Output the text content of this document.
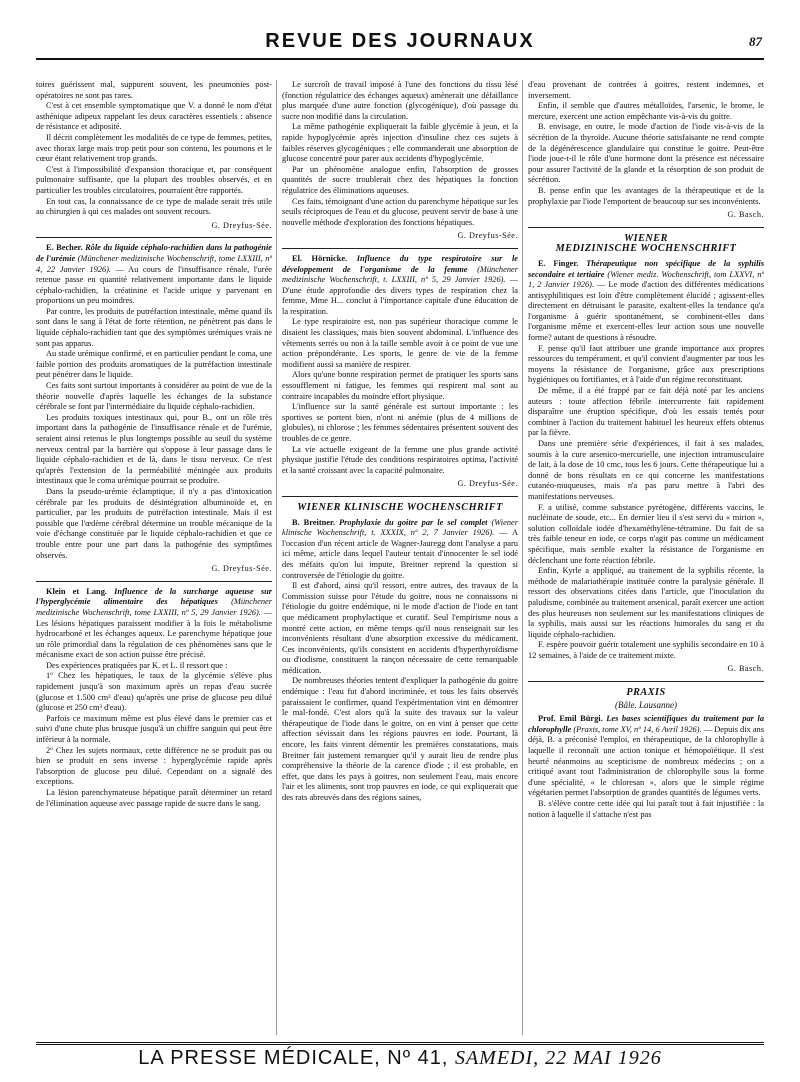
REVUE DES JOURNAUX	87

toires guérissent mal, suppurent souvent, les pneumonies post-opératoires ne sont pas rares.

C'est à cet ensemble symptomatique que V. a donné le nom d'état asthénique adipeux rappelant les deux caractères essentiels : absence de résistance et adiposité.

Il décrit complètement les modalités de ce type de femmes, petites, avec thorax large mais trop petit pour son contenu, les poumons et le cœur étant relativement trop grands.

C'est à l'impossibilité d'expansion thoracique et, par conséquent pulmonaire suffisante, que la plupart des troubles observés, et en particulier les troubles circulatoires, pourraient être rapportés.

En tout cas, la connaissance de ce type de malade serait très utile au chirurgien à qui ces malades ont souvent recours.

G. Dreyfus-Sée.

E. Becher. Rôle du liquide céphalo-rachidien dans la pathogénie de l'urémie (Münchener medizinische Wochenschrift, tome LXXIII, nº 4, 22 Janvier 1926). — Au cours de l'insuffisance rénale, l'urée retenue passe en quantité relativement importante dans le liquide céphalo-rachidien, la créatinine et l'acide urique y parvenant en proportions un peu moindres.

Par contre, les produits de putréfaction intestinale, même quand ils sont dans le sang à l'état de forte rétention, ne pénètrent pas dans le liquide céphalo-rachidien tant que des symptômes urémiques vrais ne sont pas apparus.

Au stade urémique confirmé, et en particulier pendant le coma, une faible portion des produits aromatiques de la putréfaction intestinale peut pénétrer dans le liquide.

Ces faits sont surtout importants à considérer au point de vue de la théorie nouvelle d'après laquelle les échanges de la substance cérébrale se font par l'intermédiaire du liquide céphalo-rachidien.

Les produits toxiques intestinaux qui, pour B., ont un rôle très important dans la pathogénie de l'insuffisance rénale et de l'urémie, seraient ainsi retenus le plus longtemps possible au seuil du système nerveux central par la barrière qui s'oppose à leur passage dans le liquide céphalo-rachidien et de là, dans le tissu nerveux. Ce n'est qu'après l'extension de la perméabilité méningée aux produits intestinaux que le coma urémique pourrait se produire.

Dans la pseudo-urémie éclamptique, il n'y a pas d'intoxication cérébrale par les produits de désintégration albuminoïde et, en particulier, par les produits de putréfaction intestinale. Mais il est possible que l'œdème cérébral détermine un trouble mécanique de la voie d'échange constituée par le liquide céphalo-rachidien et que ce trouble entre pour une part dans la pathogénie des symptômes observés.

G. Dreyfus-Sée.

Klein et Lang. Influence de la surcharge aqueuse sur l'hyperglycémie alimentaire des hépatiques (Münchener medizinische Wochenschrift, tome LXXIII, nº 5, 29 Janvier 1926). — Les lésions hépatiques paraissent modifier à la fois le métabolisme hydrocarboné et les échanges aqueux. Le parenchyme hépatique joue un rôle primordial dans la régulation de ces phénomènes sans que le mécanisme exact de son action puisse être précisé.

Des expériences pratiquées par K. et L. il ressort que :

1º Chez les hépatiques, le taux de la glycémie s'élève plus rapidement jusqu'à son maximum après un repas d'eau sucrée (glucose et 1.500 cm³ d'eau) qu'après une prise de glucose peu dilué (glucose et 250 cm³ d'eau).

Parfois ce maximum même est plus élevé dans le premier cas et suivi d'une chute plus brusque jusqu'à un chiffre sanguin qui peut être inférieur à la normale.

2º Chez les sujets normaux, cette différence ne se produit pas ou bien se produit en sens inverse : hyperglycémie rapide après l'absorption de glucose peu dilué. Cependant on a signalé des exceptions.

La lésion parenchymateuse hépatique paraît déterminer un retard de l'élimination aqueuse avec passage rapide de sucre dans le sang.

Le surcroît de travail imposé à l'une des fonctions du tissu lésé (fonction régulatrice des échanges aqueux) amènerait une défaillance plus marquée d'une autre fonction (glycogénique), d'où passage du sucre non modifié dans la circulation.

La même pathogénie expliquerait la faible glycémie à jeun, et la rapide hypoglycémie après injection d'insuline chez ces sujets à faibles réserves glycogéniques ; elle commanderait une absorption de glucose concentré pour parer aux accidents d'hypoglycémie.

Par un phénomène analogue enfin, l'absorption de grosses quantités de sucre troublerait chez des hépatiques la fonction régulatrice des éliminations aqueuses.

Ces faits, témoignant d'une action du parenchyme hépatique sur les seuils réciproques de l'eau et du glucose, peuvent servir de base à une nouvelle méthode d'exploration des fonctions hépatiques.

G. Dreyfus-Sée.

El. Hörnicke. Influence du type respiratoire sur le développement de l'organisme de la femme (Münchener medizinische Wochenschrift, t. LXXIII, nº 5, 29 Janvier 1926). — D'une étude approfondie des divers types de respiration chez la femme, Mme H... conclut à l'importance capitale d'une éducation de la respiration.

Le type respiratoire est, non pas supérieur thoracique comme le disaient les classiques, mais bien souvent abdominal. L'influence des vêtements serrés ou non à la taille semble avoir à ce point de vue une action prépondérante. Les sports, le genre de vie de la femme modifient aussi sa manière de respirer.

Alors qu'une bonne respiration permet de pratiquer les sports sans essoufflement ni fatigue, les femmes qui respirent mal sont au contraire incapables du moindre effort physique.

L'influence sur la santé générale est surtout importante : les sportives se portent bien, n'ont ni anémie (plus de 4 millions de globules), ni chlorose ; les femmes sédentaires présentent souvent des troubles de ce genre.

La vie actuelle exigeant de la femme une plus grande activité physique justifie l'étude des conditions respiratoires optima, l'activité et la santé croissant avec la capacité pulmonaire.

G. Dreyfus-Sée.
WIENER KLINISCHE WOCHENSCHRIFT

B. Breitner. Prophylaxie du goitre par le sel complet (Wiener klinische Wochenschrift, t. XXXIX, nº 2, 7 Janvier 1926). — A l'occasion d'un récent article de Wagner-Jauregg dont l'analyse a paru ici même, article dans lequel l'auteur tentait d'innocenter le sel iodé des méfaits qu'on lui impute, Breitner reprend la question si controversée de l'étiologie du goitre.

Il est d'abord, ainsi qu'il ressort, entre autres, des travaux de la Commission suisse pour l'étude du goitre, nous ne connaissons ni l'étiologie du goitre endémique, ni le mode d'action de l'iode en tant que médicament prophylactique et curatif. Seul l'empirisme nous a montré cette action, en même temps qu'il nous renseignait sur les inconvénients résultant d'une absorption excessive du médicament. Ces inconvénients, qu'ils consistent en accidents d'hyperthyroïdisme ou d'iodisme, constituent la rançon nécessaire de cette remarquable médication.

De nombreuses théories tentent d'expliquer la pathogénie du goitre endémique : l'eau fut d'abord incriminée, et tous les faits observés paraissaient le confirmer, quand l'expérimentation vint en démontrer le mal-fondé. C'est alors qu'à la suite des travaux sur la valeur thérapeutique de l'iode dans le goitre, on en vint à penser que cette affection sévissait dans les régions pauvres en iode. Pourtant, là encore, les faits vinrent démentir les premières constatations, mais Breitner fait justement remarquer qu'il y aurait lieu de rendre plus compréhensive la théorie de la carence d'iode ; il est probable, en effet, que dans les pays à goitres, non seulement l'eau, mais encore l'air et les aliments, sont trop pauvres en iode, ce qui expliquerait que des rats abreuvés dans des régions saines,

d'eau provenant de contrées à goitres, restent indemnes, et inversement.

Enfin, il semble que d'autres métalloïdes, l'arsenic, le brome, le mercure, exercent une action empêchante vis-à-vis du goitre.

B. envisage, en outre, le mode d'action de l'iode vis-à-vis de la sécrétion de la thyroïde. Aucune théorie satisfaisante ne rend compte de la dégénérescence glandulaire qui constitue le goitre. Peut-être l'iode joue-t-il le rôle d'une hormone dont la présence est nécessaire pour assurer l'activité de la glande et la résorption de son produit de sécrétion.

B. pense enfin que les avantages de la thérapeutique et de la prophylaxie par l'iode l'emportent de beaucoup sur ses inconvénients.

G. Basch.
WIENER
MEDIZINISCHE WOCHENSCHRIFT

E. Finger. Thérapeutique non spécifique de la syphilis secondaire et tertiaire (Wiener mediz. Wochenschrift, tom LXXVI, nº 1, 2 Janvier 1926). — Le mode d'action des différentes médications antisyphilitiques est loin d'être complètement élucidé ; agissent-elles directement en détruisant le parasite, exaltent-elles la tendance qu'a l'organisme à guérir spontanément, se combinent-elles dans l'organisme même et exercent-elles leur action sous une nouvelle forme? autant de questions à résoudre.

F. pense qu'il faut attribuer une grande importance aux propres ressources du tempérament, et qu'il convient d'augmenter par tous les moyens la résistance de l'organisme, grâce aux prescriptions hygiéniques ou fortifiantes, et à l'aide d'un régime reconstituant.

De même, il a été frappé par ce fait déjà noté par les anciens auteurs : toute affection fébrile intercurrente fait rapidement disparaître une éruption spécifique, d'où les essais tentés pour combiner à l'action du traitement habituel les heureux effets obtenus par la fièvre.

Dans une première série d'expériences, il fait à ses malades, soumis à la cure arsenico-mercurielle, une injection intramusculaire de lait, à la dose de 10 cmc, tous les 6 jours. Cette thérapeutique lui a donné de bons résultats en ce qui concerne les manifestations cutanéo-muqueuses, mais n'a pas paru mettre à l'abri des manifestations nerveuses.

F. a utilisé, comme substance pyrétogène, différents vaccins, le nucléinate de soude, etc... En dernier lieu il s'est servi du « mirion », solution colloïdale iodée d'hexaméthylène-tétramine. Du fait de sa très faible teneur en iode, ce corps n'agit pas comme un médicament spécifique, mais semble exalter la résistance de l'organisme en déclenchant une forte réaction fébrile.

Enfin, Kyrle a appliqué, au traitement de la syphilis récente, la méthode de malariathérapie instituée contre la paralysie générale. Il ressort des observations citées dans l'article, que l'inoculation du paludisme, combinée au traitement arsenical, paraît exercer une action des plus heureuses non seulement sur les manifestations cliniques de la syphilis, mais aussi sur les réactions humorales du sang et du liquide céphalo-rachidien.

F. espère pouvoir guérir totalement une syphilis secondaire en 10 à 12 semaines, à l'aide de ce traitement mixte.

G. Basch.
PRAXIS
(Bâle. Lausanne)

Prof. Emil Bürgi. Les bases scientifiques du traitement par la chlorophylle (Praxis, tome XV, nº 14, 6 Avril 1926). — Depuis dix ans déjà, B. a préconisé l'emploi, en thérapeutique, de la chlorophylle à laquelle il reconnaît une action tonique et hémopoïétique. Il s'est heurté néanmoins au scepticisme de nombreux médecins ; on a critiqué avant tout l'administration de chlorophylle sous la forme d'une spécialité, « le chloresan », alors que le simple régime végétarien permet l'absorption de grandes quantités de légumes verts.

B. s'élève contre cette idée qui lui paraît tout à fait injustifiée : la notion à laquelle il s'attache n'est pas

LA PRESSE MÉDICALE, Nº 41, SAMEDI, 22 MAI 1926
